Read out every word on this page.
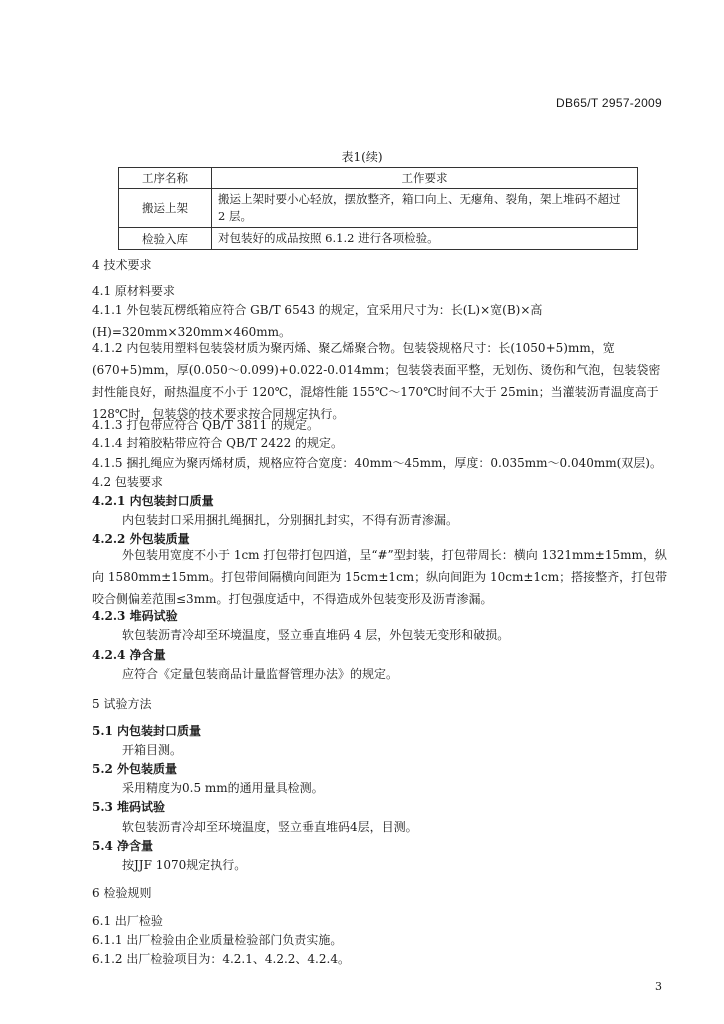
DB65/T 2957-2009
表1(续)
工序名称	工作要求
搬运上架	搬运上架时要小心轻放，摆放整齐，箱口向上、无瘪角、裂角，架上堆码不超过 2 层。
检验入库	对包装好的成品按照 6.1.2 进行各项检验。
4 技术要求
4.1 原材料要求
4.1.1 外包装瓦楞纸箱应符合 GB/T 6543 的规定，宜采用尺寸为：长(L)×宽(B)×高(H)=320mm×320mm×460mm。
4.1.2 内包装用塑料包装袋材质为聚丙烯、聚乙烯聚合物。包装袋规格尺寸：长(1050+5)mm，宽(670+5)mm，厚(0.050～0.099)+0.022-0.014mm；包装袋表面平整，无划伤、烫伤和气泡，包装袋密封性能良好，耐热温度不小于 120℃，混熔性能 155℃～170℃时间不大于 25min；当灌装沥青温度高于 128℃时，包装袋的技术要求按合同规定执行。
4.1.3 打包带应符合 QB/T 3811 的规定。
4.1.4 封箱胶粘带应符合 QB/T 2422 的规定。
4.1.5 捆扎绳应为聚丙烯材质，规格应符合宽度：40mm～45mm，厚度：0.035mm～0.040mm(双层)。
4.2 包装要求
4.2.1 内包装封口质量
内包装封口采用捆扎绳捆扎，分别捆扎封实，不得有沥青渗漏。
4.2.2 外包装质量
外包装用宽度不小于 1cm 打包带打包四道，呈“#”型封装，打包带周长：横向 1321mm±15mm，纵向 1580mm±15mm。打包带间隔横向间距为 15cm±1cm；纵向间距为 10cm±1cm；搭接整齐，打包带咬合侧偏差范围≤3mm。打包强度适中，不得造成外包装变形及沥青渗漏。
4.2.3 堆码试验
软包装沥青冷却至环境温度，竖立垂直堆码 4 层，外包装无变形和破损。
4.2.4 净含量
应符合《定量包装商品计量监督管理办法》的规定。
5 试验方法
5.1 内包装封口质量
开箱目测。
5.2 外包装质量
采用精度为0.5 mm的通用量具检测。
5.3 堆码试验
软包装沥青冷却至环境温度，竖立垂直堆码4层，目测。
5.4 净含量
按JJF 1070规定执行。
6 检验规则
6.1 出厂检验
6.1.1 出厂检验由企业质量检验部门负责实施。
6.1.2 出厂检验项目为：4.2.1、4.2.2、4.2.4。
3
